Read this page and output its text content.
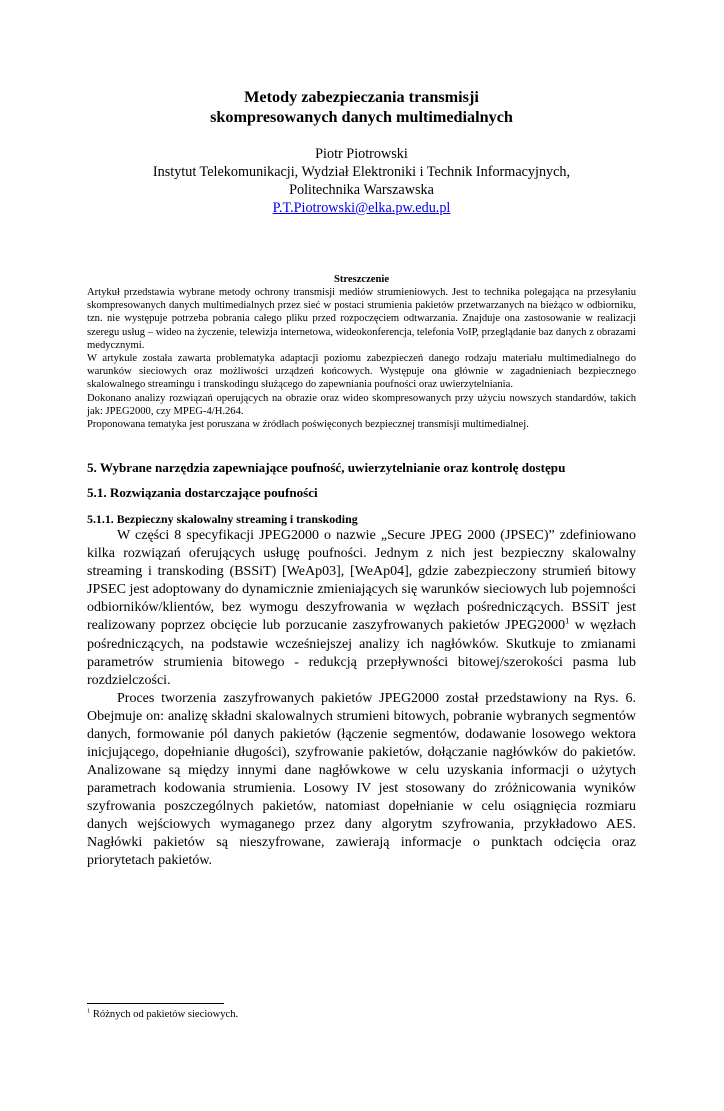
Metody zabezpieczania transmisji
skompresowanych danych multimedialnych
Piotr Piotrowski
Instytut Telekomunikacji, Wydział Elektroniki i Technik Informacyjnych,
Politechnika Warszawska
P.T.Piotrowski@elka.pw.edu.pl
Streszczenie

Artykuł przedstawia wybrane metody ochrony transmisji mediów strumieniowych. Jest to technika polegająca na przesyłaniu skompresowanych danych multimedialnych przez sieć w postaci strumienia pakietów przetwarzanych na bieżąco w odbiorniku, tzn. nie występuje potrzeba pobrania całego pliku przed rozpoczęciem odtwarzania. Znajduje ona zastosowanie w realizacji szeregu usług – wideo na życzenie, telewizja internetowa, wideokonferencja, telefonia VoIP, przeglądanie baz danych z obrazami medycznymi.

W artykule została zawarta problematyka adaptacji poziomu zabezpieczeń danego rodzaju materiału multimedialnego do warunków sieciowych oraz możliwości urządzeń końcowych. Występuje ona głównie w zagadnieniach bezpiecznego skalowalnego streamingu i transkodingu służącego do zapewniania poufności oraz uwierzytelniania.

Dokonano analizy rozwiązań operujących na obrazie oraz wideo skompresowanych przy użyciu nowszych standardów, takich jak: JPEG2000, czy MPEG-4/H.264.

Proponowana tematyka jest poruszana w źródłach poświęconych bezpiecznej transmisji multimedialnej.

5. Wybrane narzędzia zapewniające poufność, uwierzytelnianie oraz kontrolę dostępu
5.1. Rozwiązania dostarczające poufności
5.1.1. Bezpieczny skalowalny streaming i transkoding

W części 8 specyfikacji JPEG2000 o nazwie „Secure JPEG 2000 (JPSEC)” zdefiniowano kilka rozwiązań oferujących usługę poufności. Jednym z nich jest bezpieczny skalowalny streaming i transkoding (BSSiT) [WeAp03], [WeAp04], gdzie zabezpieczony strumień bitowy JPSEC jest adoptowany do dynamicznie zmieniających się warunków sieciowych lub pojemności odbiorników/klientów, bez wymogu deszyfrowania w węzłach pośredniczących. BSSiT jest realizowany poprzez obcięcie lub porzucanie zaszyfrowanych pakietów JPEG2000$^1$ w węzłach pośredniczących, na podstawie wcześniejszej analizy ich nagłówków. Skutkuje to zmianami parametrów strumienia bitowego - redukcją przepływności bitowej/szerokości pasma lub rozdzielczości.

Proces tworzenia zaszyfrowanych pakietów JPEG2000 został przedstawiony na Rys. 6. Obejmuje on: analizę składni skalowalnych strumieni bitowych, pobranie wybranych segmentów danych, formowanie pól danych pakietów (łączenie segmentów, dodawanie losowego wektora inicjującego, dopełnianie długości), szyfrowanie pakietów, dołączanie nagłówków do pakietów. Analizowane są między innymi dane nagłówkowe w celu uzyskania informacji o użytych parametrach kodowania strumienia. Losowy IV jest stosowany do zróżnicowania wyników szyfrowania poszczególnych pakietów, natomiast dopełnianie w celu osiągnięcia rozmiaru danych wejściowych wymaganego przez dany algorytm szyfrowania, przykładowo AES. Nagłówki pakietów są nieszyfrowane, zawierają informacje o punktach odcięcia oraz priorytetach pakietów.

$^1$ Różnych od pakietów sieciowych.
